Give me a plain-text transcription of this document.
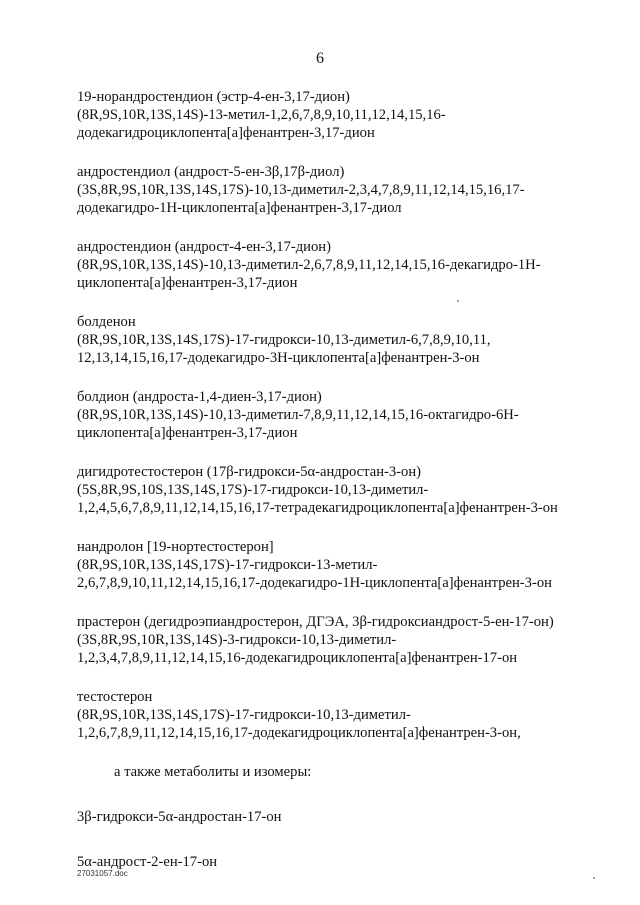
6
19-норандростендион (эстр-4-ен-3,17-дион)
(8R,9S,10R,13S,14S)-13-метил-1,2,6,7,8,9,10,11,12,14,15,16-
додекагидроциклопента[а]фенантрен-3,17-дион
андростендиол (андрост-5-ен-3β,17β-диол)
(3S,8R,9S,10R,13S,14S,17S)-10,13-диметил-2,3,4,7,8,9,11,12,14,15,16,17-
додекагидро-1H-циклопента[а]фенантрен-3,17-диол
андростендион (андрост-4-ен-3,17-дион)
(8R,9S,10R,13S,14S)-10,13-диметил-2,6,7,8,9,11,12,14,15,16-декагидро-1H-
циклопента[а]фенантрен-3,17-дион
болденон
(8R,9S,10R,13S,14S,17S)-17-гидрокси-10,13-диметил-6,7,8,9,10,11,
12,13,14,15,16,17-додекагидро-3H-циклопента[а]фенантрен-3-он
болдион (андроста-1,4-диен-3,17-дион)
(8R,9S,10R,13S,14S)-10,13-диметил-7,8,9,11,12,14,15,16-октагидро-6H-
циклопента[а]фенантрен-3,17-дион
дигидротестостерон (17β-гидрокси-5α-андростан-3-он)
(5S,8R,9S,10S,13S,14S,17S)-17-гидрокси-10,13-диметил-
1,2,4,5,6,7,8,9,11,12,14,15,16,17-тетрадекагидроциклопента[а]фенантрен-3-он
нандролон [19-нортестостерон]
(8R,9S,10R,13S,14S,17S)-17-гидрокси-13-метил-
2,6,7,8,9,10,11,12,14,15,16,17-додекагидро-1H-циклопента[а]фенантрен-3-он
прастерон (дегидроэпиандростерон, ДГЭА, 3β-гидроксиандрост-5-ен-17-он)
(3S,8R,9S,10R,13S,14S)-3-гидрокси-10,13-диметил-
1,2,3,4,7,8,9,11,12,14,15,16-додекагидроциклопента[а]фенантрен-17-он
тестостерон
(8R,9S,10R,13S,14S,17S)-17-гидрокси-10,13-диметил-
1,2,6,7,8,9,11,12,14,15,16,17-додекагидроциклопента[а]фенантрен-3-он,
а также метаболиты и изомеры:
3β-гидрокси-5α-андростан-17-он
5α-андрост-2-ен-17-он
27031057.doc
